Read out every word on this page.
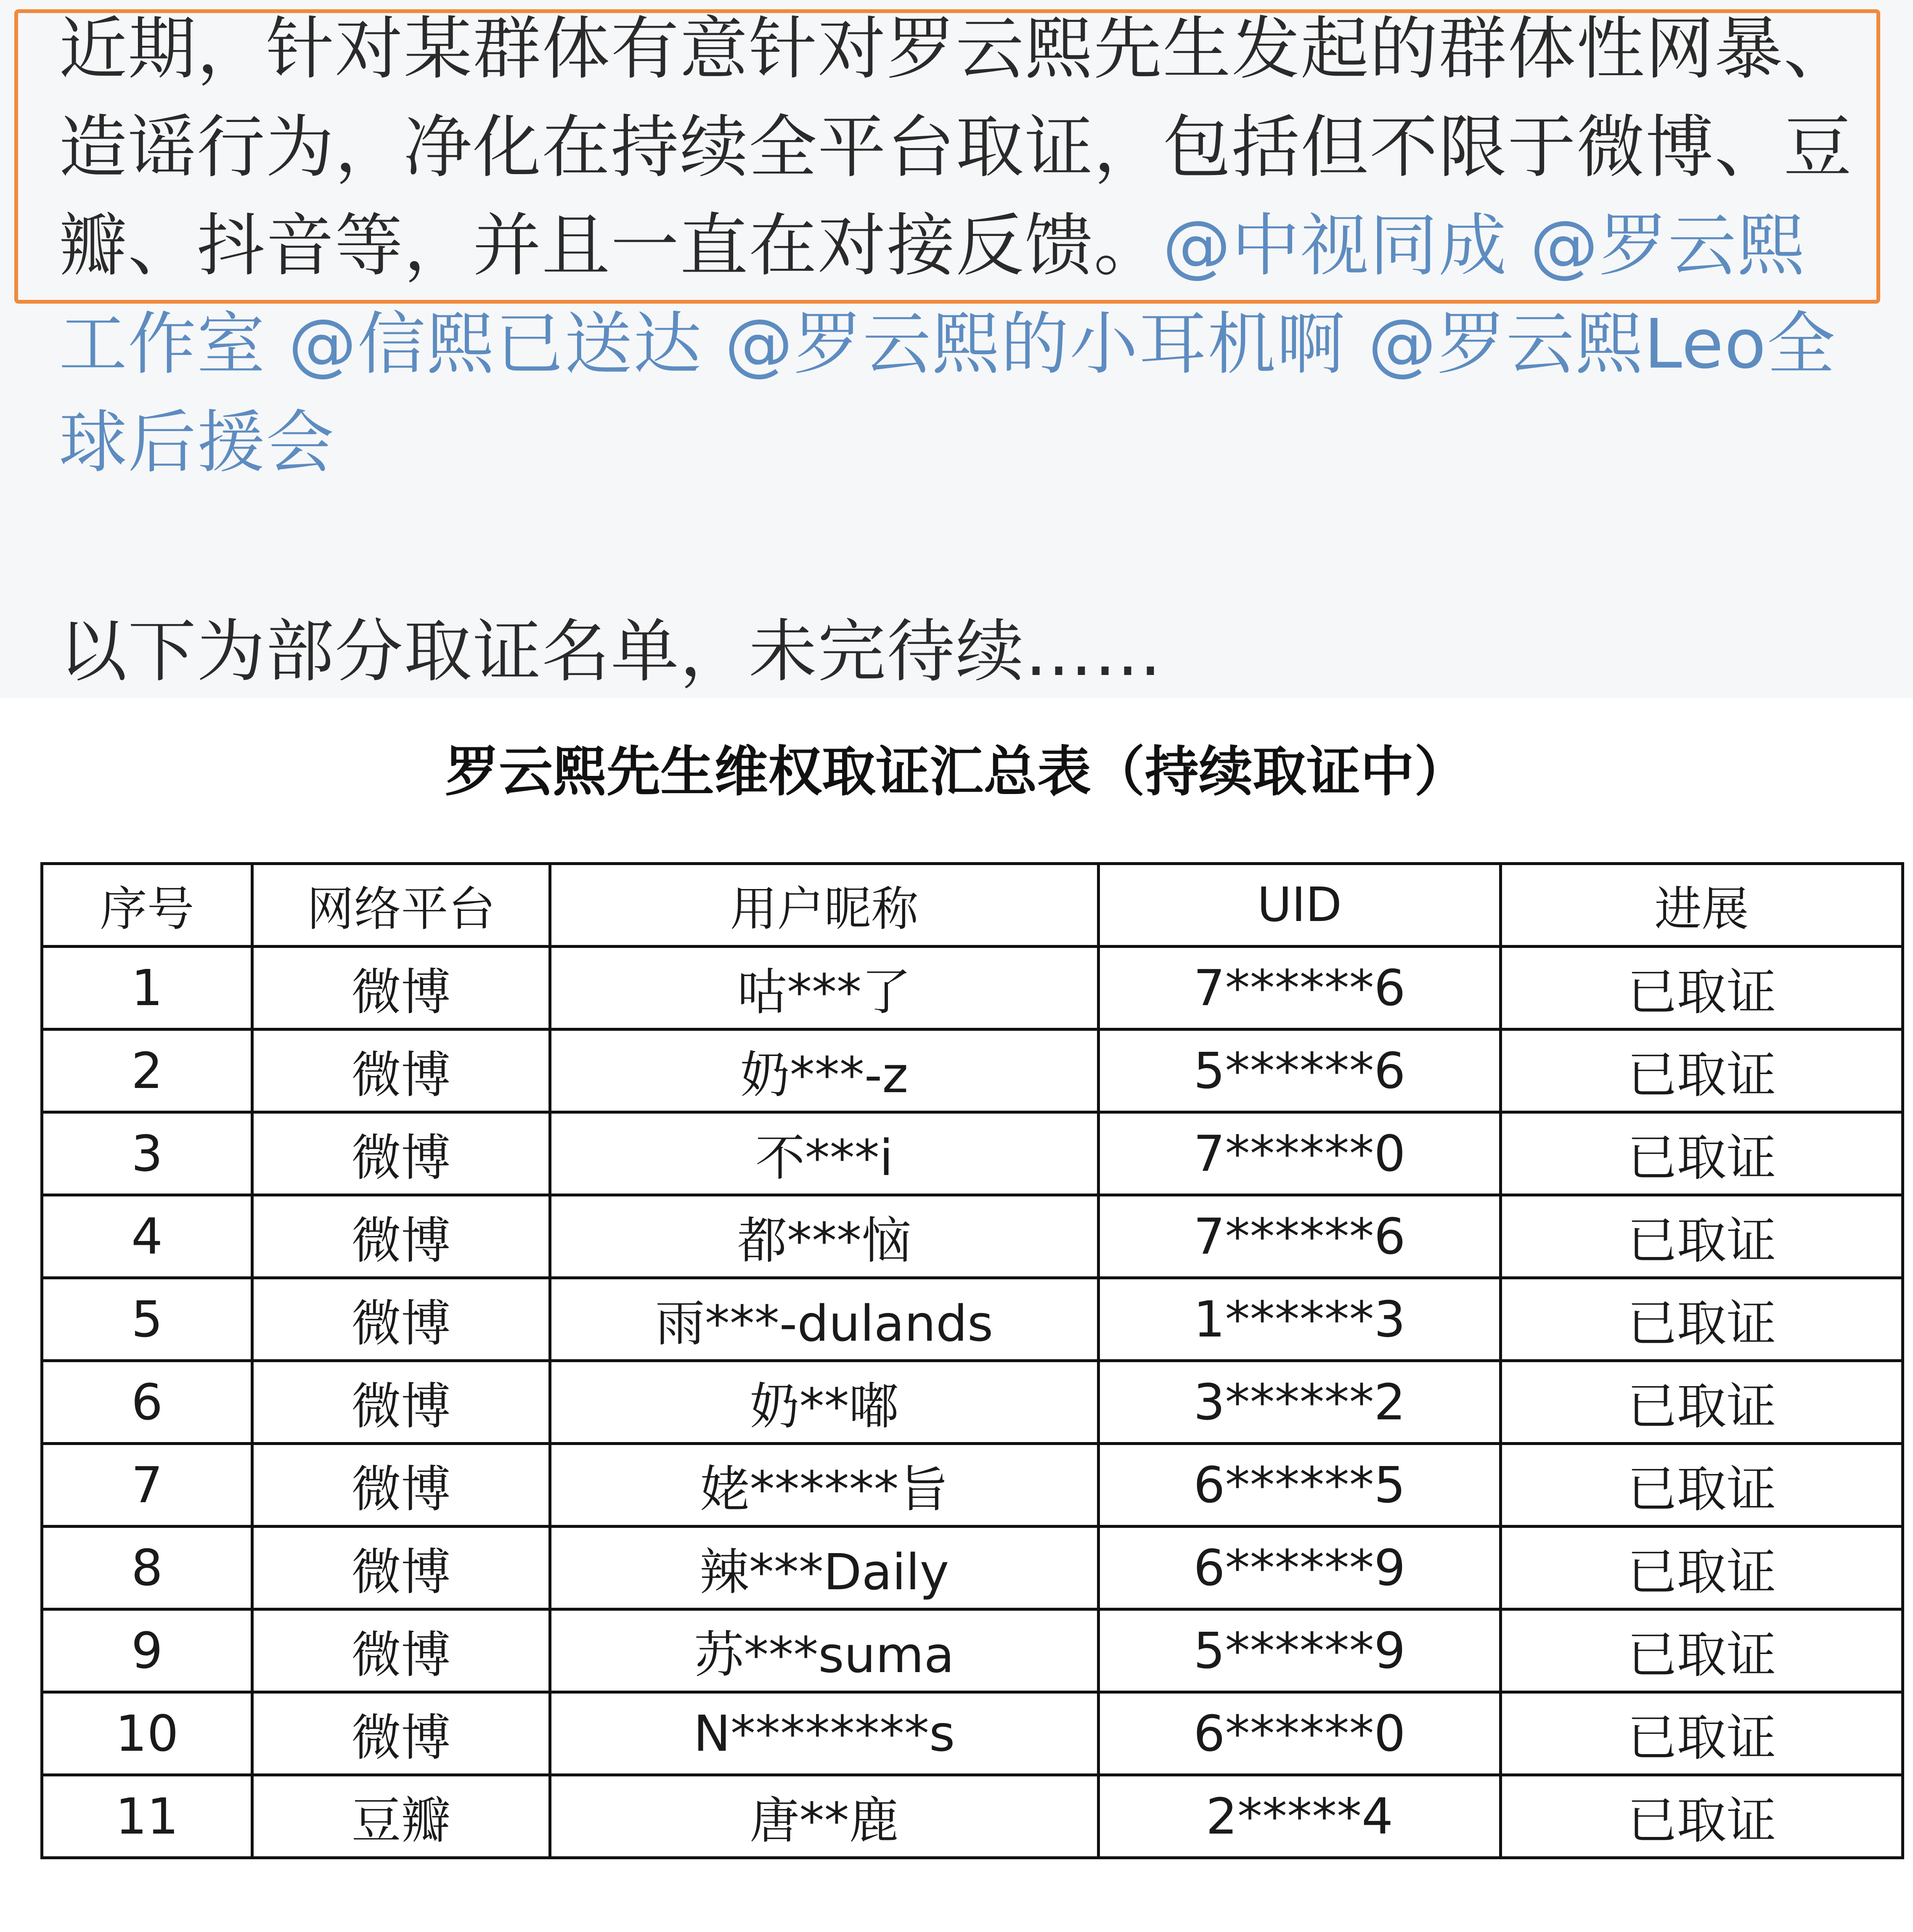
近期，针对某群体有意针对罗云熙先生发起的群体性网暴、造谣行为，净化在持续全平台取证，包括但不限于微博、豆瓣、抖音等，并且一直在对接反馈。@中视同成 @罗云熙工作室 @信熙已送达 @罗云熙的小耳机啊 @罗云熙Leo全球后援会
以下为部分取证名单，未完待续……
罗云熙先生维权取证汇总表（持续取证中）
序号	网络平台	用户昵称	UID	进展
1	微博	咕***了	7******6	已取证
2	微博	奶***-z	5******6	已取证
3	微博	不***i	7******0	已取证
4	微博	都***恼	7******6	已取证
5	微博	雨***-dulands	1******3	已取证
6	微博	奶**嘟	3******2	已取证
7	微博	姥******旨	6******5	已取证
8	微博	辣***Daily	6******9	已取证
9	微博	苏***suma	5******9	已取证
10	微博	N********s	6******0	已取证
11	豆瓣	唐**鹿	2*****4	已取证
